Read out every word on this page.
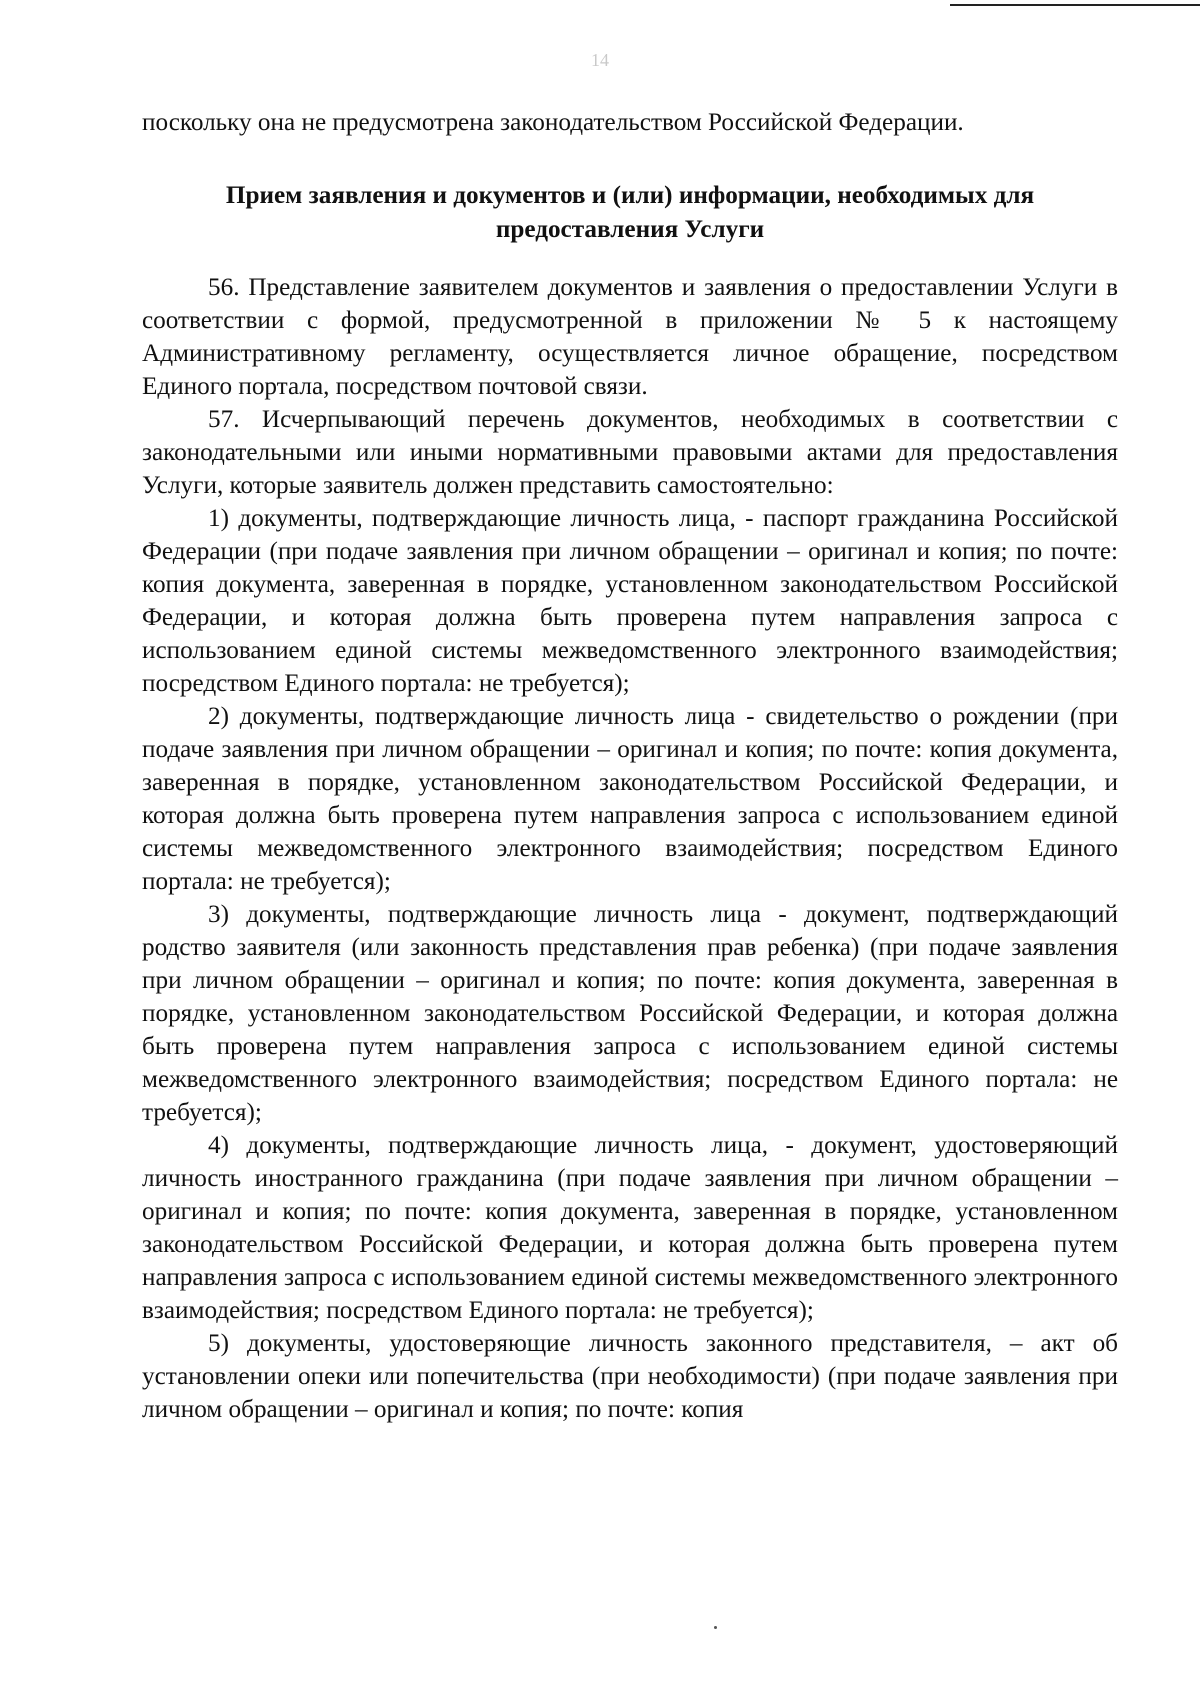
14

поскольку она не предусмотрена законодательством Российской Федерации.

Прием заявления и документов и (или) информации, необходимых для предоставления Услуги

56. Представление заявителем документов и заявления о предоставлении Услуги в соответствии с формой, предусмотренной в приложении № 5 к настоящему Административному регламенту, осуществляется личное обращение, посредством Единого портала, посредством почтовой связи.

57. Исчерпывающий перечень документов, необходимых в соответствии с законодательными или иными нормативными правовыми актами для предоставления Услуги, которые заявитель должен представить самостоятельно:

1) документы, подтверждающие личность лица, - паспорт гражданина Российской Федерации (при подаче заявления при личном обращении – оригинал и копия; по почте: копия документа, заверенная в порядке, установленном законодательством Российской Федерации, и которая должна быть проверена путем направления запроса с использованием единой системы межведомственного электронного взаимодействия; посредством Единого портала: не требуется);

2) документы, подтверждающие личность лица - свидетельство о рождении (при подаче заявления при личном обращении – оригинал и копия; по почте: копия документа, заверенная в порядке, установленном законодательством Российской Федерации, и которая должна быть проверена путем направления запроса с использованием единой системы межведомственного электронного взаимодействия; посредством Единого портала: не требуется);

3) документы, подтверждающие личность лица - документ, подтверждающий родство заявителя (или законность представления прав ребенка) (при подаче заявления при личном обращении – оригинал и копия; по почте: копия документа, заверенная в порядке, установленном законодательством Российской Федерации, и которая должна быть проверена путем направления запроса с использованием единой системы межведомственного электронного взаимодействия; посредством Единого портала: не требуется);

4) документы, подтверждающие личность лица, - документ, удостоверяющий личность иностранного гражданина (при подаче заявления при личном обращении – оригинал и копия; по почте: копия документа, заверенная в порядке, установленном законодательством Российской Федерации, и которая должна быть проверена путем направления запроса с использованием единой системы межведомственного электронного взаимодействия; посредством Единого портала: не требуется);

5) документы, удостоверяющие личность законного представителя, – акт об установлении опеки или попечительства (при необходимости) (при подаче заявления при личном обращении – оригинал и копия; по почте: копия
